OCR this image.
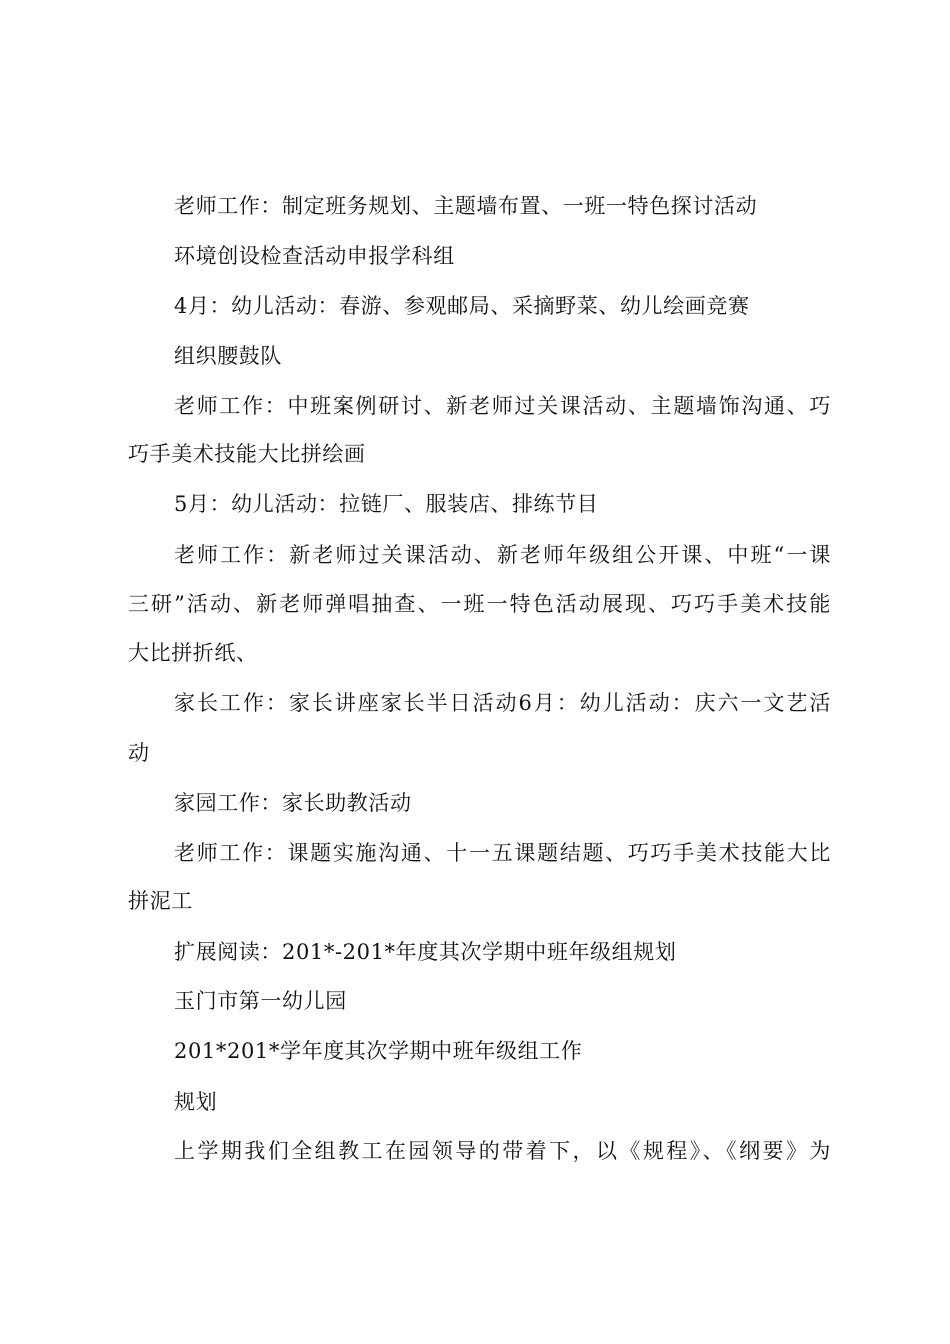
老师工作：制定班务规划、主题墙布置、一班一特色探讨活动
环境创设检查活动申报学科组
4月：幼儿活动：春游、参观邮局、采摘野菜、幼儿绘画竞赛
组织腰鼓队
老师工作：中班案例研讨、新老师过关课活动、主题墙饰沟通、巧
巧手美术技能大比拼绘画
5月：幼儿活动：拉链厂、服装店、排练节目
老师工作：新老师过关课活动、新老师年级组公开课、中班“一课
三研”活动、新老师弹唱抽查、一班一特色活动展现、巧巧手美术技能
大比拼折纸、
家长工作：家长讲座家长半日活动6月：幼儿活动：庆六一文艺活
动
家园工作：家长助教活动
老师工作：课题实施沟通、十一五课题结题、巧巧手美术技能大比
拼泥工
扩展阅读：201*-201*年度其次学期中班年级组规划
玉门市第一幼儿园
201*201*学年度其次学期中班年级组工作
规划
上学期我们全组教工在园领导的带着下，以《规程》、《纲要》为
